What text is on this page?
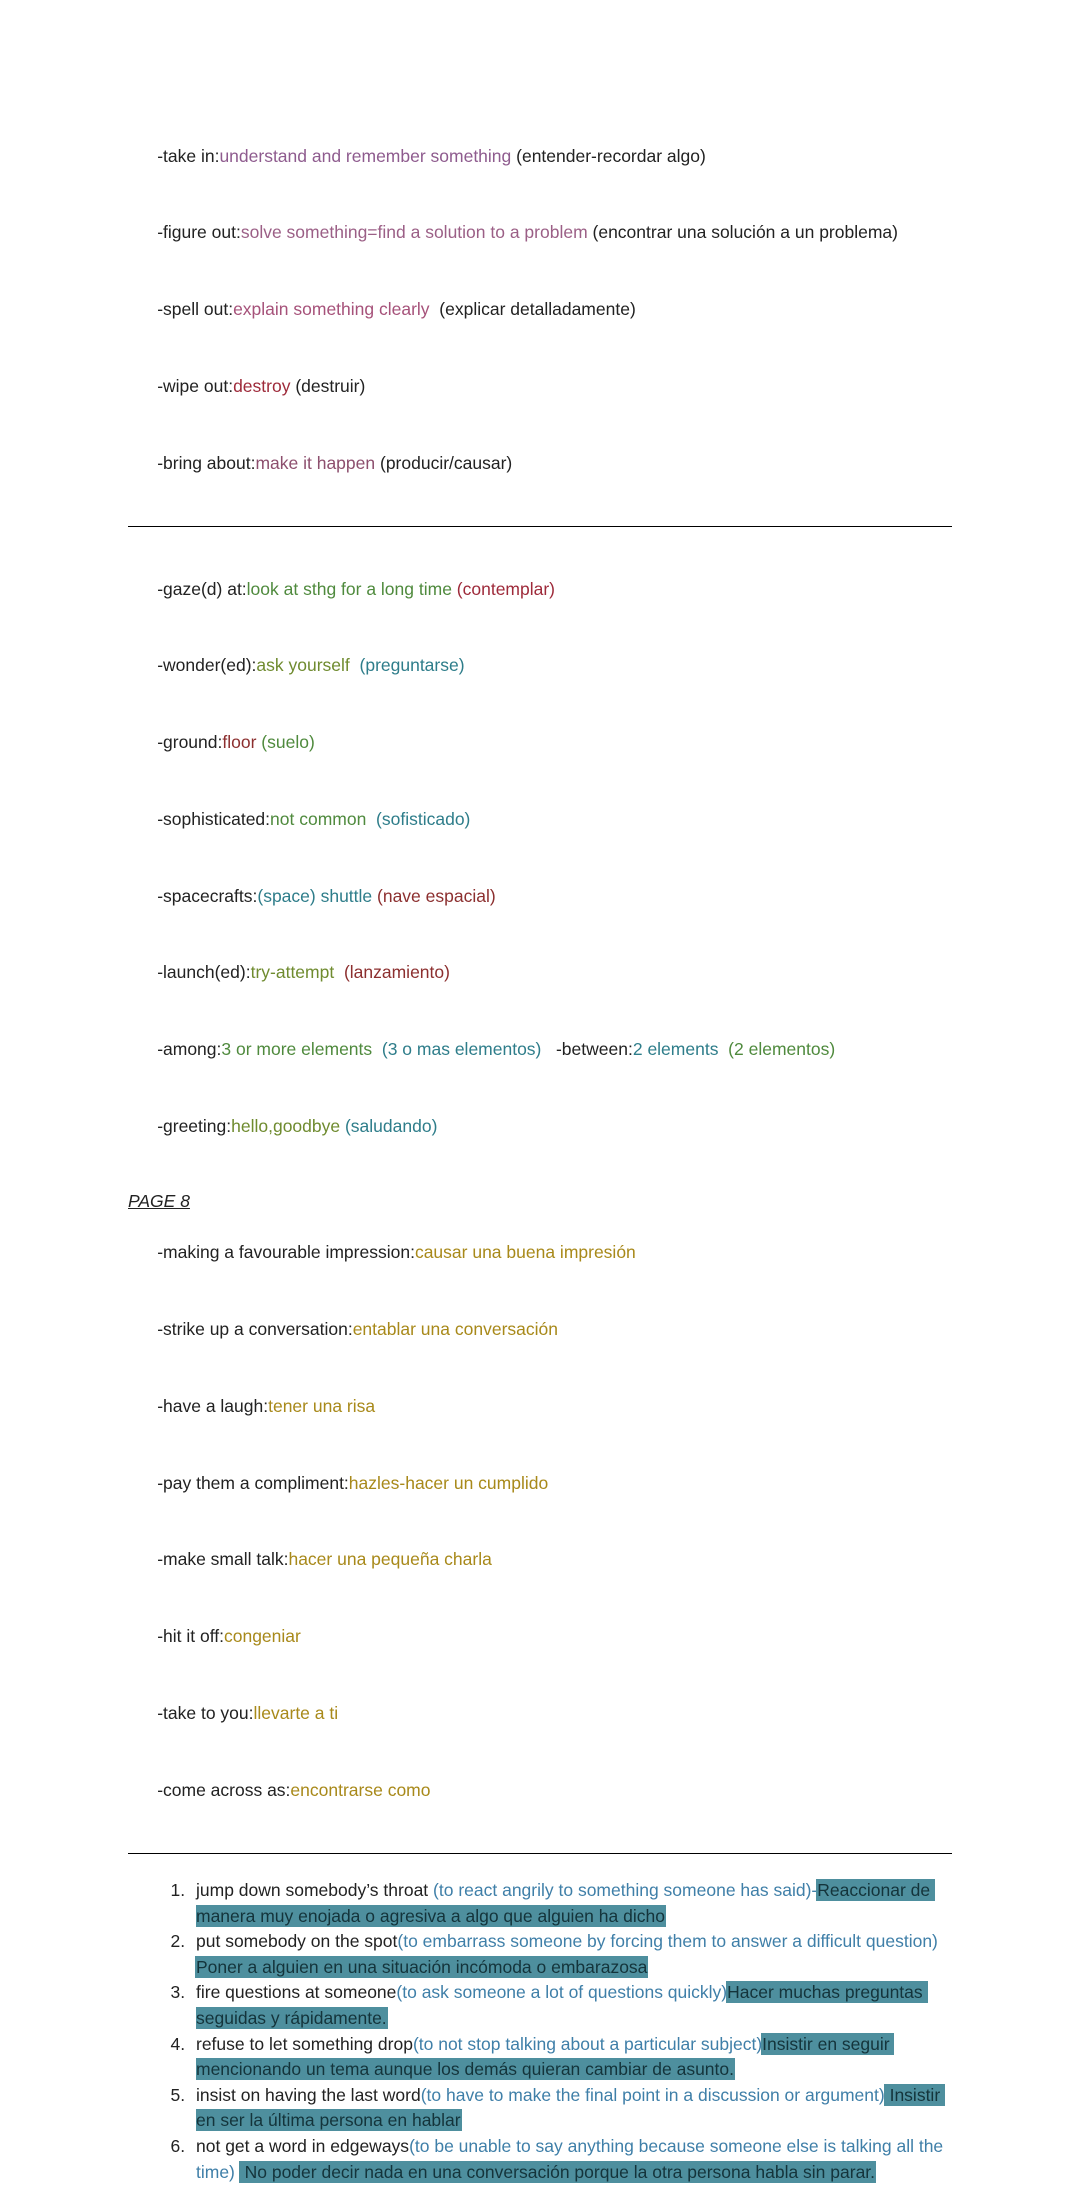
-take in:understand and remember something (entender-recordar algo)

-figure out:solve something=find a solution to a problem (encontrar una solución a un problema)

-spell out:explain something clearly  (explicar detalladamente)

-wipe out:destroy (destruir)

-bring about:make it happen (producir/causar)

-gaze(d) at:look at sthg for a long time (contemplar)

-wonder(ed):ask yourself  (preguntarse)

-ground:floor (suelo)

-sophisticated:not common  (sofisticado)

-spacecrafts:(space) shuttle (nave espacial)

-launch(ed):try-attempt  (lanzamiento)

-among:3 or more elements  (3 o mas elementos)   -between:2 elements  (2 elementos)

-greeting:hello,goodbye (saludando)

PAGE 8

-making a favourable impression:causar una buena impresión

-strike up a conversation:entablar una conversación

-have a laugh:tener una risa

-pay them a compliment:hazles-hacer un cumplido

-make small talk:hacer una pequeña charla

-hit it off:congeniar

-take to you:llevarte a ti

-come across as:encontrarse como

1. jump down somebody’s throat (to react angrily to something someone has said)-Reaccionar de manera muy enojada o agresiva a algo que alguien ha dicho
2. put somebody on the spot(to embarrass someone by forcing them to answer a difficult question) Poner a alguien en una situación incómoda o embarazosa
3. fire questions at someone(to ask someone a lot of questions quickly)Hacer muchas preguntas seguidas y rápidamente.
4. refuse to let something drop(to not stop talking about a particular subject)Insistir en seguir mencionando un tema aunque los demás quieran cambiar de asunto.
5. insist on having the last word(to have to make the final point in a discussion or argument) Insistir en ser la última persona en hablar
6. not get a word in edgeways(to be unable to say anything because someone else is talking all the time)  No poder decir nada en una conversación porque la otra persona habla sin parar.
